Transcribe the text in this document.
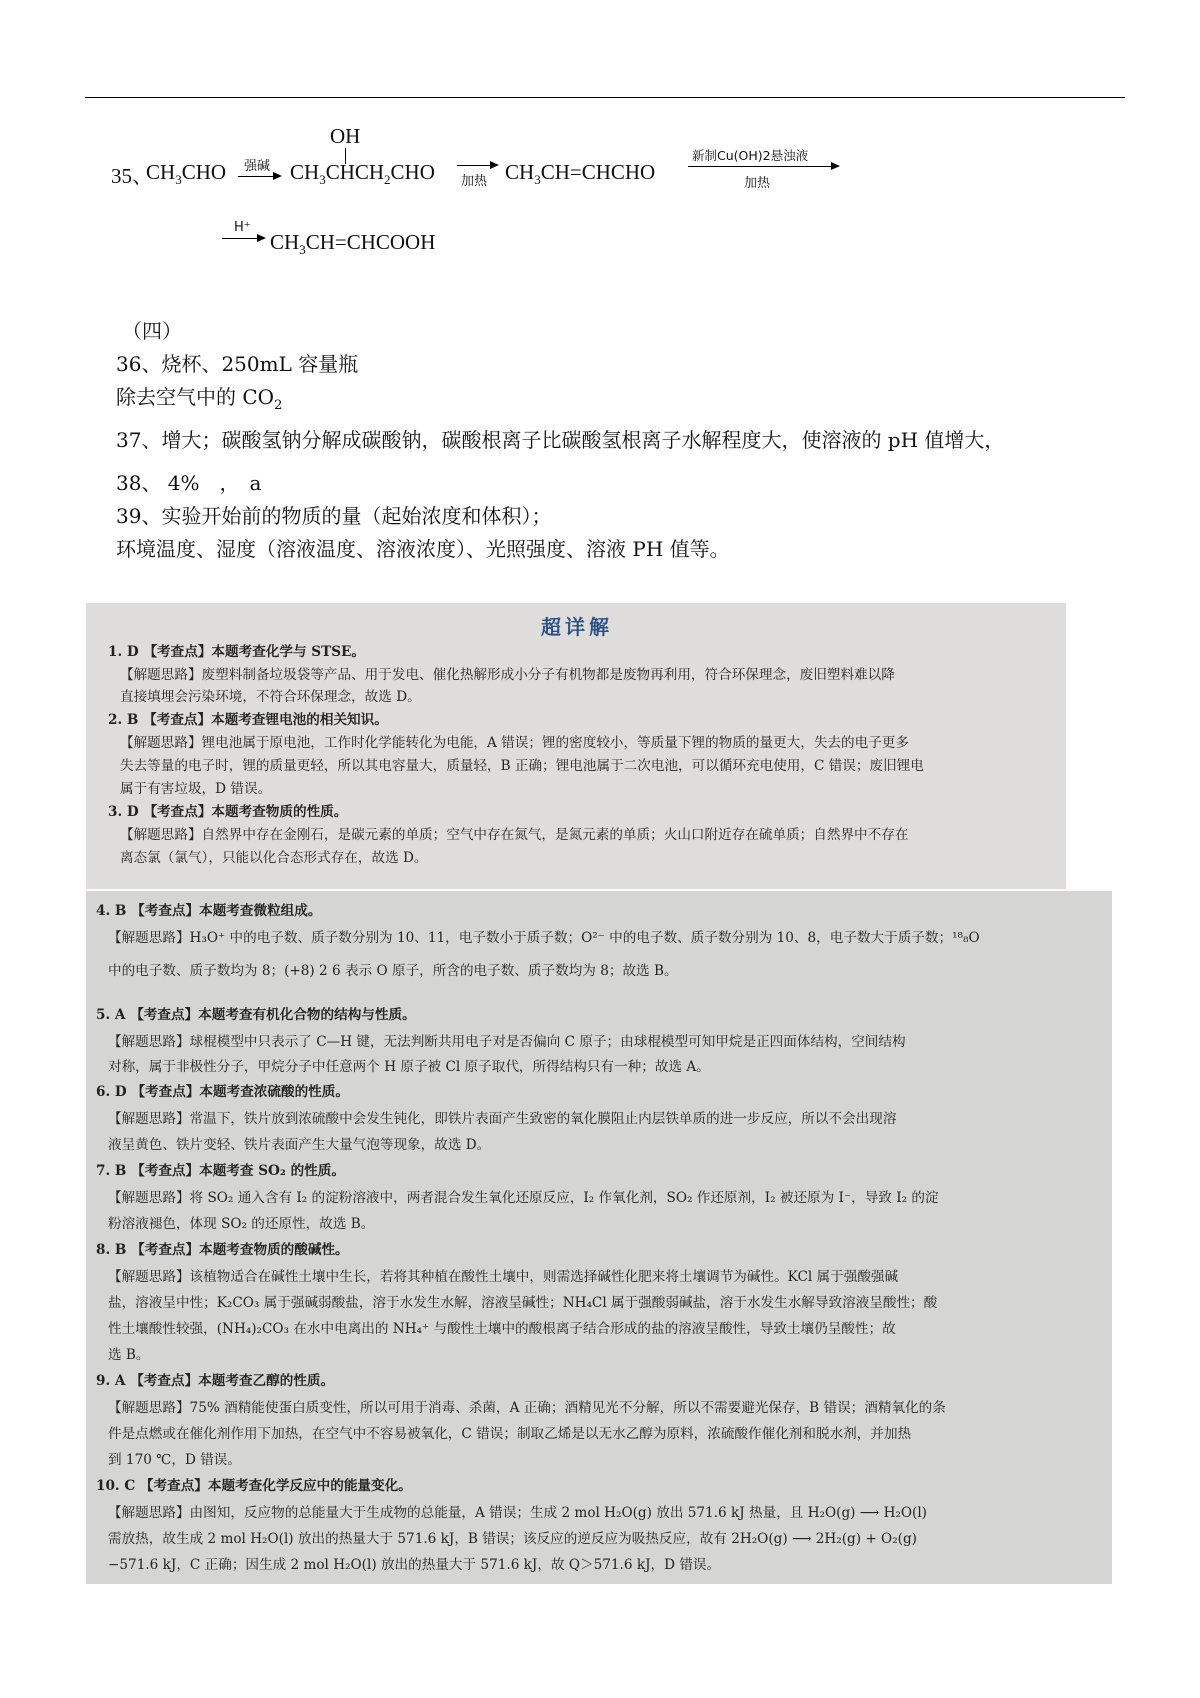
35、
$CH_3CHO$ 强碱
OH
$CH_3CHCH_2CHO$ 加热 $CH_3CH=CHCHO$
新制Cu(OH)2悬浊液
加热
H⁺
$CH_3CH=CHCOOH$
（四）
36、烧杯、250mL 容量瓶
除去空气中的 $CO_2$
37、增大；碳酸氢钠分解成碳酸钠，碳酸根离子比碳酸氢根离子水解程度大，使溶液的 pH 值增大，
38、 4%　，　a
39、实验开始前的物质的量（起始浓度和体积）；
环境温度、湿度（溶液温度、溶液浓度）、光照强度、溶液 PH 值等。
超详解
1. D 【考查点】本题考查化学与 STSE。
【解题思路】废塑料制备垃圾袋等产品、用于发电、催化热解形成小分子有机物都是废物再利用，符合环保理念，废旧塑料难以降
直接填埋会污染环境，不符合环保理念，故选 D。
2. B 【考查点】本题考查锂电池的相关知识。
【解题思路】锂电池属于原电池，工作时化学能转化为电能，A 错误；锂的密度较小，等质量下锂的物质的量更大，失去的电子更多
失去等量的电子时，锂的质量更轻，所以其电容量大，质量轻，B 正确；锂电池属于二次电池，可以循环充电使用，C 错误；废旧锂电
属于有害垃圾，D 错误。
3. D 【考查点】本题考查物质的性质。
【解题思路】自然界中存在金刚石，是碳元素的单质；空气中存在氮气，是氮元素的单质；火山口附近存在硫单质；自然界中不存在
离态氯（氯气），只能以化合态形式存在，故选 D。
4. B 【考查点】本题考查微粒组成。
【解题思路】H₃O⁺ 中的电子数、质子数分别为 10、11，电子数小于质子数；O²⁻ 中的电子数、质子数分别为 10、8，电子数大于质子数；¹⁸₈O
中的电子数、质子数均为 8；(+8) 2 6 表示 O 原子，所含的电子数、质子数均为 8；故选 B。
5. A 【考查点】本题考查有机化合物的结构与性质。
【解题思路】球棍模型中只表示了 C—H 键，无法判断共用电子对是否偏向 C 原子；由球棍模型可知甲烷是正四面体结构，空间结构
对称，属于非极性分子，甲烷分子中任意两个 H 原子被 Cl 原子取代，所得结构只有一种；故选 A。
6. D 【考查点】本题考查浓硫酸的性质。
【解题思路】常温下，铁片放到浓硫酸中会发生钝化，即铁片表面产生致密的氧化膜阻止内层铁单质的进一步反应，所以不会出现溶
液呈黄色、铁片变轻、铁片表面产生大量气泡等现象，故选 D。
7. B 【考查点】本题考查 SO₂ 的性质。
【解题思路】将 SO₂ 通入含有 I₂ 的淀粉溶液中，两者混合发生氧化还原反应，I₂ 作氧化剂，SO₂ 作还原剂，I₂ 被还原为 I⁻，导致 I₂ 的淀
粉溶液褪色，体现 SO₂ 的还原性，故选 B。
8. B 【考查点】本题考查物质的酸碱性。
【解题思路】该植物适合在碱性土壤中生长，若将其种植在酸性土壤中，则需选择碱性化肥来将土壤调节为碱性。KCl 属于强酸强碱
盐，溶液呈中性；K₂CO₃ 属于强碱弱酸盐，溶于水发生水解，溶液呈碱性；NH₄Cl 属于强酸弱碱盐，溶于水发生水解导致溶液呈酸性；酸
性土壤酸性较强，(NH₄)₂CO₃ 在水中电离出的 NH₄⁺ 与酸性土壤中的酸根离子结合形成的盐的溶液呈酸性，导致土壤仍呈酸性；故
选 B。
9. A 【考查点】本题考查乙醇的性质。
【解题思路】75% 酒精能使蛋白质变性，所以可用于消毒、杀菌，A 正确；酒精见光不分解，所以不需要避光保存，B 错误；酒精氧化的条
件是点燃或在催化剂作用下加热，在空气中不容易被氧化，C 错误；制取乙烯是以无水乙醇为原料，浓硫酸作催化剂和脱水剂，并加热
到 170 ℃，D 错误。
10. C 【考查点】本题考查化学反应中的能量变化。
【解题思路】由图知，反应物的总能量大于生成物的总能量，A 错误；生成 2 mol H₂O(g) 放出 571.6 kJ 热量，且 H₂O(g) ⟶ H₂O(l)
需放热，故生成 2 mol H₂O(l) 放出的热量大于 571.6 kJ，B 错误；该反应的逆反应为吸热反应，故有 2H₂O(g) ⟶ 2H₂(g) + O₂(g)
−571.6 kJ，C 正确；因生成 2 mol H₂O(l) 放出的热量大于 571.6 kJ，故 Q＞571.6 kJ，D 错误。
